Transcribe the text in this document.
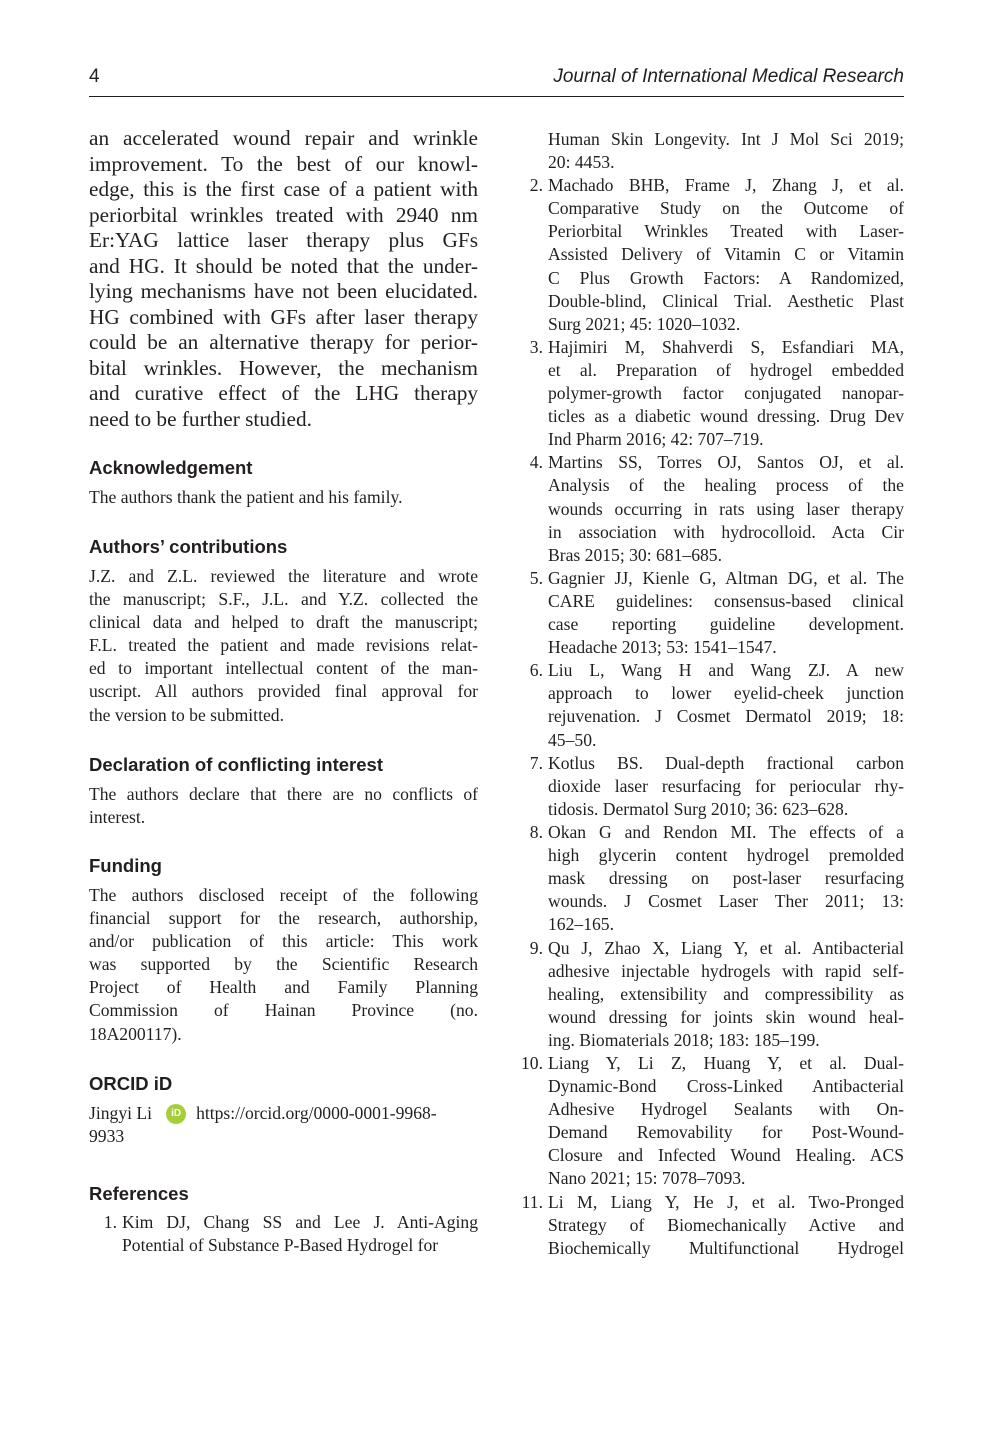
4	Journal of International Medical Research

an accelerated wound repair and wrinkle
improvement. To the best of our knowl-
edge, this is the first case of a patient with
periorbital wrinkles treated with 2940 nm
Er:YAG lattice laser therapy plus GFs
and HG. It should be noted that the under-
lying mechanisms have not been elucidated.
HG combined with GFs after laser therapy
could be an alternative therapy for perior-
bital wrinkles. However, the mechanism
and curative effect of the LHG therapy
need to be further studied.

Acknowledgement

The authors thank the patient and his family.

Authors’ contributions

J.Z. and Z.L. reviewed the literature and wrote
the manuscript; S.F., J.L. and Y.Z. collected the
clinical data and helped to draft the manuscript;
F.L. treated the patient and made revisions relat-
ed to important intellectual content of the man-
uscript. All authors provided final approval for
the version to be submitted.

Declaration of conflicting interest

The authors declare that there are no conflicts of
interest.

Funding

The authors disclosed receipt of the following
financial support for the research, authorship,
and/or publication of this article: This work
was supported by the Scientific Research
Project of Health and Family Planning
Commission of Hainan Province (no.
18A200117).

ORCID iD
Jingyi Li	iD https://orcid.org/0000-0001-9968-
9933
References
1. Kim DJ, Chang SS and Lee J. Anti-Aging
Potential of Substance P-Based Hydrogel for
Human Skin Longevity. Int J Mol Sci 2019;
20: 4453.
2. Machado BHB, Frame J, Zhang J, et al.
Comparative Study on the Outcome of
Periorbital Wrinkles Treated with Laser-
Assisted Delivery of Vitamin C or Vitamin
C Plus Growth Factors: A Randomized,
Double-blind, Clinical Trial. Aesthetic Plast
Surg 2021; 45: 1020–1032.
3. Hajimiri M, Shahverdi S, Esfandiari MA,
et al. Preparation of hydrogel embedded
polymer-growth factor conjugated nanopar-
ticles as a diabetic wound dressing. Drug Dev
Ind Pharm 2016; 42: 707–719.
4. Martins SS, Torres OJ, Santos OJ, et al.
Analysis of the healing process of the
wounds occurring in rats using laser therapy
in association with hydrocolloid. Acta Cir
Bras 2015; 30: 681–685.
5. Gagnier JJ, Kienle G, Altman DG, et al. The
CARE guidelines: consensus-based clinical
case reporting guideline development.
Headache 2013; 53: 1541–1547.
6. Liu L, Wang H and Wang ZJ. A new
approach to lower eyelid-cheek junction
rejuvenation. J Cosmet Dermatol 2019; 18:
45–50.
7. Kotlus BS. Dual-depth fractional carbon
dioxide laser resurfacing for periocular rhy-
tidosis. Dermatol Surg 2010; 36: 623–628.
8. Okan G and Rendon MI. The effects of a
high glycerin content hydrogel premolded
mask dressing on post-laser resurfacing
wounds. J Cosmet Laser Ther 2011; 13:
162–165.
9. Qu J, Zhao X, Liang Y, et al. Antibacterial
adhesive injectable hydrogels with rapid self-
healing, extensibility and compressibility as
wound dressing for joints skin wound heal-
ing. Biomaterials 2018; 183: 185–199.
10. Liang Y, Li Z, Huang Y, et al. Dual-
Dynamic-Bond Cross-Linked Antibacterial
Adhesive Hydrogel Sealants with On-
Demand Removability for Post-Wound-
Closure and Infected Wound Healing. ACS
Nano 2021; 15: 7078–7093.
11. Li M, Liang Y, He J, et al. Two-Pronged
Strategy of Biomechanically Active and
Biochemically Multifunctional Hydrogel
